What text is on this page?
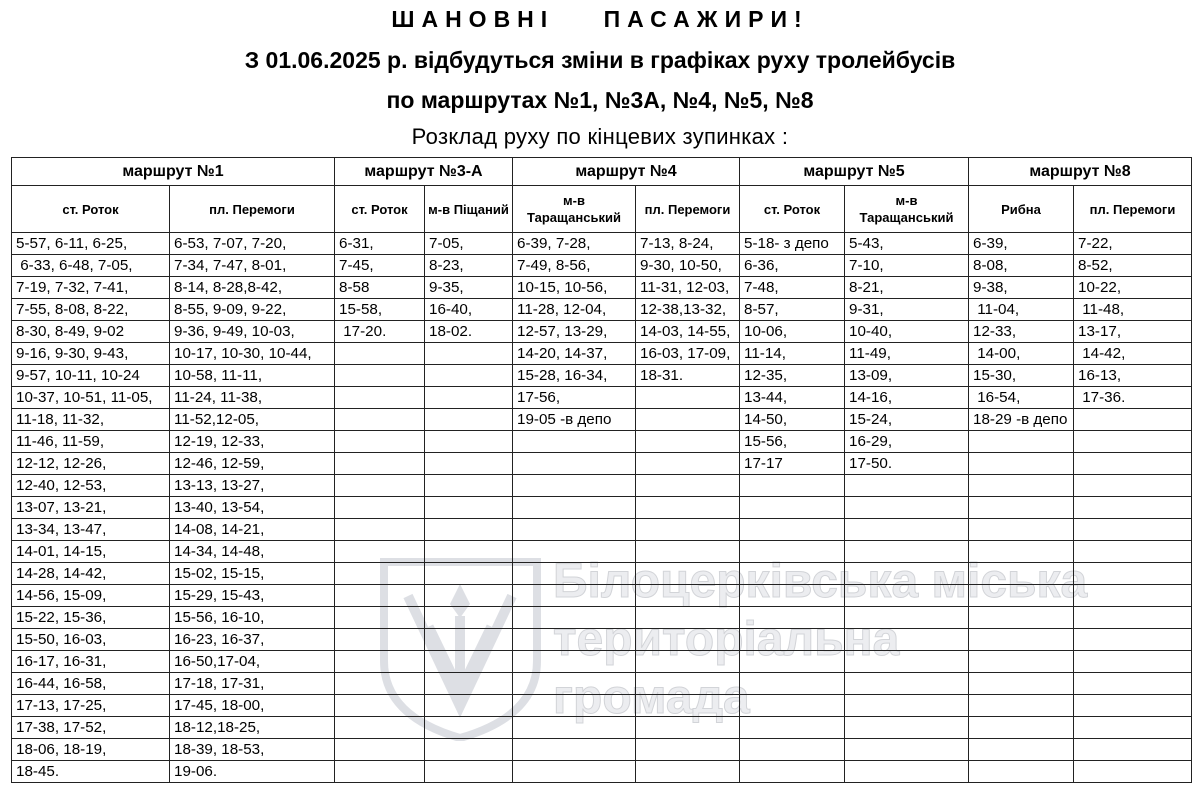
ШАНОВНІ ПАСАЖИРИ!
З 01.06.2025 р. відбудуться зміни в графіках руху тролейбусів
по маршрутах №1, №3А, №4, №5, №8
Розклад руху по кінцевих зупинках :
Білоцерківська міська
територіальна
громада
маршрут №1		маршрут №3-А		маршрут №4		маршрут №5		маршрут №8	
ст. Роток	пл. Перемоги	ст. Роток	м-в Піщаний	м-в Таращанський	пл. Перемоги	ст. Роток	м-в Таращанський	Рибна	пл. Перемоги
5-57, 6-11, 6-25,	6-53, 7-07, 7-20,	6-31,	7-05,	6-39, 7-28,	7-13, 8-24,	5-18- з депо	5-43,	6-39,	7-22,
6-33, 6-48, 7-05,	7-34, 7-47, 8-01,	7-45,	8-23,	7-49, 8-56,	9-30, 10-50,	6-36,	7-10,	8-08,	8-52,
7-19, 7-32, 7-41,	8-14, 8-28,8-42,	8-58	9-35,	10-15, 10-56,	11-31, 12-03,	7-48,	8-21,	9-38,	10-22,
7-55, 8-08, 8-22,	8-55, 9-09, 9-22,	15-58,	16-40,	11-28, 12-04,	12-38,13-32,	8-57,	9-31,	11-04,	11-48,
8-30, 8-49, 9-02	9-36, 9-49, 10-03,	17-20.	18-02.	12-57, 13-29,	14-03, 14-55,	10-06,	10-40,	12-33,	13-17,
9-16, 9-30, 9-43,	10-17, 10-30, 10-44,			14-20, 14-37,	16-03, 17-09,	11-14,	11-49,	14-00,	14-42,
9-57, 10-11, 10-24	10-58, 11-11,			15-28, 16-34,	18-31.	12-35,	13-09,	15-30,	16-13,
10-37, 10-51, 11-05,	11-24, 11-38,			17-56,		13-44,	14-16,	16-54,	17-36.
11-18, 11-32,	11-52,12-05,			19-05 -в депо		14-50,	15-24,	18-29 -в депо	
11-46, 11-59,	12-19, 12-33,					15-56,	16-29,		
12-12, 12-26,	12-46, 12-59,					17-17	17-50.		
12-40, 12-53,	13-13, 13-27,								
13-07, 13-21,	13-40, 13-54,								
13-34, 13-47,	14-08, 14-21,								
14-01, 14-15,	14-34, 14-48,								
14-28, 14-42,	15-02, 15-15,								
14-56, 15-09,	15-29, 15-43,								
15-22, 15-36,	15-56, 16-10,								
15-50, 16-03,	16-23, 16-37,								
16-17, 16-31,	16-50,17-04,								
16-44, 16-58,	17-18, 17-31,								
17-13, 17-25,	17-45, 18-00,								
17-38, 17-52,	18-12,18-25,								
18-06, 18-19,	18-39, 18-53,								
18-45.	19-06.								
